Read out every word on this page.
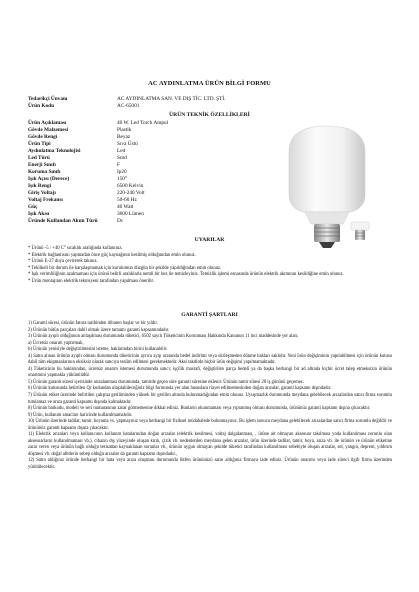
AC AYDINLATMA ÜRÜN BİLGİ FORMU
Tedarikçi Ünvanı	AC AYDINLATMA SAN. VE DIŞ TİC. LTD. ŞTİ.
Ürün Kodu	AC-65001
ÜRÜN TEKNİK ÖZELLİKLERİ
Ürün Açıklaması	40 W. Led Torch Ampul
Gövde Malzemesi	Plastik
Gövde Rengi	Beyaz
Ürün Tipi	Sıva Üstü
Aydınlatma Teknolojisi	Led
Led Türü	Smd
Enerji Sınıfı	F
Koruma Sınıfı	Ip20
Işık Açısı (Derece)	150°
Işık Rengi	6500 Kelvin
Giriş Voltajı	220-240 Volt
Voltaj Frekansı	50-60 Hz
Güç	40 Watt
Işık Akısı	3600 Lümen
Üründe Kullanılan Akım Türü	Dc
UYARILAR

* Ürünü -5 / +40 C° sıcaklık aralığında kullanınız.

* Elektrik bağlantısını yapmadan önce güç kaynağının kesilmiş olduğundan emin olunuz.

* Ürünü E-27 duya çevirerek takınız.

* Tehlikeli bir durum ile karşılaşmamak için kurulumun düzgün bir şekilde yapıldığından emin olunuz.

* Işık verimliliğinin azalmaması için ürünü belirli aralıklarla nemli bir bez ile temizleyiniz. Temizlik işlemi esnasında ürünün elektrik akımının kesildiğine emin olunuz.

* Ürün montajının elektrik teknisyeni tarafından yapılması önerilir.

GARANTİ ŞARTLARI

1) Garanti süresi, ürünün fatura tarihinden itibaren başlar ve bir yıldır.

2) Ürünün bütün parçaları dahil olmak üzere tamamı garanti kapsamındadır.

3) Ürünün ayıplı olduğunun anlaşılması durumunda tüketici, 6502 sayılı Tüketicinin Korunması Hakkında Kanunun 11 inci maddesinde yer alan;

a) Ücretsiz onarım yaptırmak,

b) Ürünün yenisiyle değiştirilmesini isteme, haklarından birini kullanabilir.

4) Satın alınan ürünün ayıplı olması durumunda tüketicinin ayrıca ayıp oranında bedel indirimi veya sözleşmeden dönme hakları saklıdır. Yeni ürün değişiminin yapılabilmesi için ürünün kutusu dahil tüm ekipmanlarının eksiksiz olarak satıcıya teslim edilmesi gerekmektedir. Aksi takdirde hiçbir ürün değişimi yapılmamaktadır.

4) Tüketicinin bu haklarından, ücretsiz onarım istemesi durumunda satıcı; işçilik masrafı, değiştirilen parça bedeli ya da başka herhangi bir ad altında hiçbir ücret talep etmeksizin ürünün onarımını yapmakla yükümlüdür.

5) Ürünün garanti süresi içerisinde arızalanması durumunda, tamirde geçen süre garanti süresine eklenir. Ürünün tamir süresi 20 iş gününü geçemez.

6) Ürünün kutusunda belirtilen Qr kodundan ulaşılabileceğiniz bilgi formunda yer alan hususlara riayet edilmemesinden doğan arızalar, garanti kapsamı dışındadır.

7) Ürünün etiket üzerinde belirtilen çalışma geriliminden yüksek bir gerilim altında bulunmadığından emin olunuz. Uyuşmazlık durumunda meydana gelebilecek arızalardan satıcı firma sorumlu tutulamaz ve arıza garanti kapsamı dışında kalmaktadır.

8) Ürünün barkodu, modeli ve seri numarasının zarar görmemesine dikkat ediniz. Bunların okunmaması veya yıpranmış olması durumunda, ürününüz garanti kapsamı dışına çıkacaktır.

9) Ürün, kullanım amacları haricinde kullanılmamalıdır.

10) Ürünün üzerinde tadilat, tamir, boyama vs. yapmayınız veya herhangi bir fiziksel müdahalede bulunmayınız. Bu işlem sonucu meydana gelebilecek arızalardan satıcı firma sorumlu değildir ve ürününüz garanti kapsamı dışına çıkacaktır.

11) Elektrik arızaları veya kullanıcının kullanım hatalarından doğan arızalar (elektrik kesilmesi, voltaj dalgalanması, , ürüne ait olmayan aksesuar takılması yoda kullanılması zorunlu olan aksesuarların kullanılmaması vb.), cihazın dış yüzeyinde oluşan kırık, çizik vb. nedenlerden meydana gelen arızalar, ürün üzerinde tadilat, tamir, boya, arıza vb. ile ürünün ve ürünün etiketine zarar veren veya ürünün bağlı olduğu tesisattan kaynaklanan sorunlar vb., ürünün uygun olmayan şekilde tüketici tarafından kullanılması sebebiyle oluşan arızalar, sel, yangın, deprem, yıldırım düşmesi vb. doğal afetlerin sebep olduğu arızalar da garanti kapsamı dışındadır.,

12) Satın aldığınız üründe herhangi bir hata veya arıza oluşması durumunda lütfen ürününüzü satın aldığınız firmaya iade ediniz. Ürünün onarımı veya iade süreci ilgili firma üzerinden yürütülecektir.
